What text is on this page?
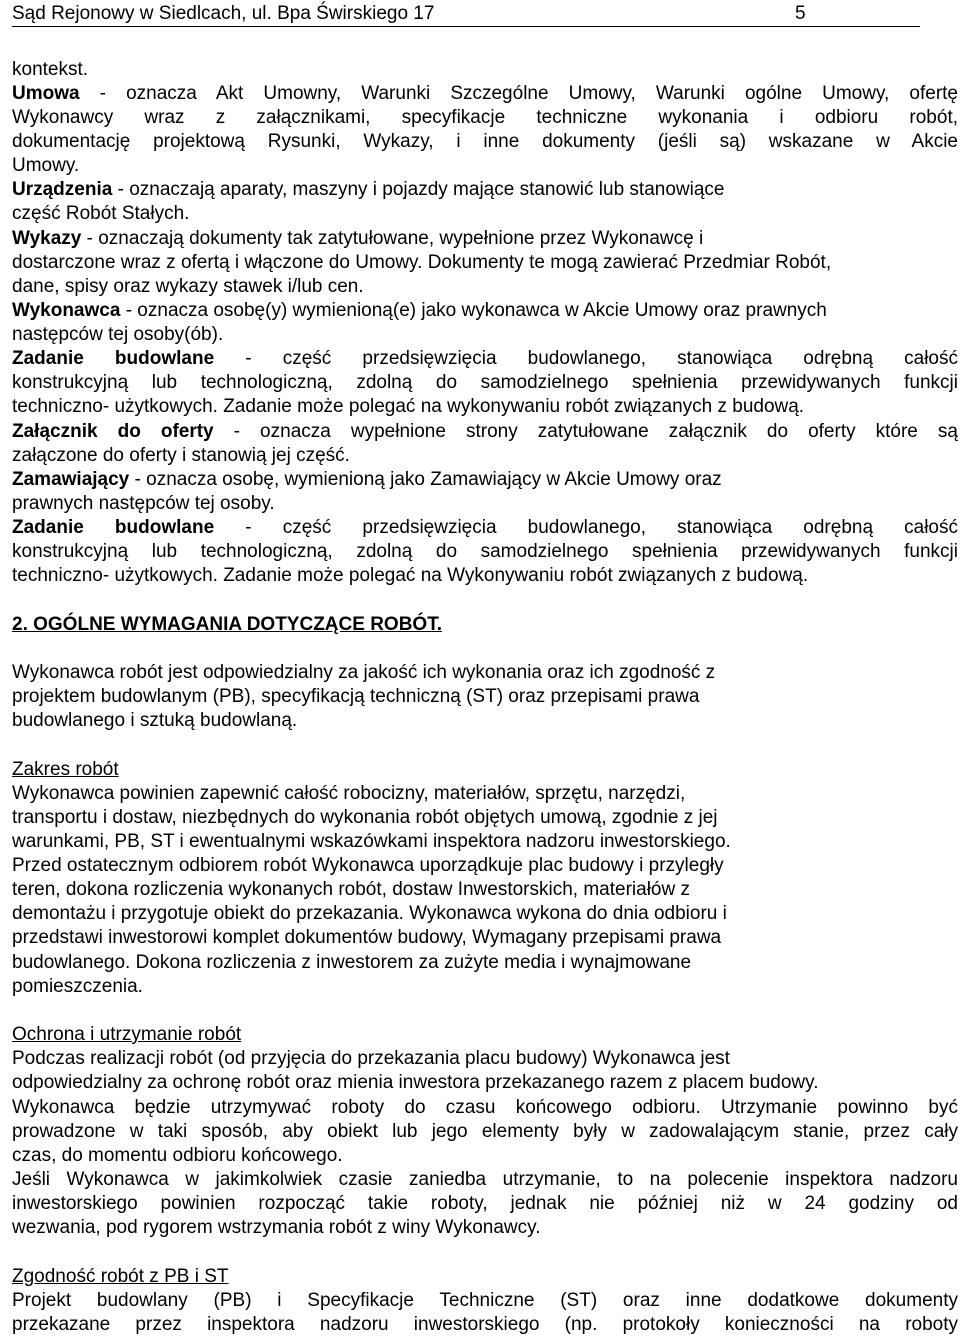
Sąd Rejonowy w Siedlcach, ul. Bpa Świrskiego 17	5
kontekst.
Umowa - oznacza Akt Umowny, Warunki Szczególne Umowy, Warunki ogólne Umowy, ofertę
Wykonawcy wraz z załącznikami, specyfikacje techniczne wykonania i odbioru robót,
dokumentację projektową Rysunki, Wykazy, i inne dokumenty (jeśli są) wskazane w Akcie
Umowy.
Urządzenia - oznaczają aparaty, maszyny i pojazdy mające stanowić lub stanowiące
część Robót Stałych.
Wykazy - oznaczają dokumenty tak zatytułowane, wypełnione przez Wykonawcę i
dostarczone wraz z ofertą i włączone do Umowy. Dokumenty te mogą zawierać Przedmiar Robót,
dane, spisy oraz wykazy stawek i/lub cen.
Wykonawca - oznacza osobę(y) wymienioną(e) jako wykonawca w Akcie Umowy oraz prawnych
następców tej osoby(ób).
Zadanie budowlane - część przedsięwzięcia budowlanego, stanowiąca odrębną całość
konstrukcyjną lub technologiczną, zdolną do samodzielnego spełnienia przewidywanych funkcji
techniczno- użytkowych. Zadanie może polegać na wykonywaniu robót związanych z budową.
Załącznik do oferty - oznacza wypełnione strony zatytułowane załącznik do oferty które są
załączone do oferty i stanowią jej część.
Zamawiający - oznacza osobę, wymienioną jako Zamawiający w Akcie Umowy oraz
prawnych następców tej osoby.
Zadanie budowlane - część przedsięwzięcia budowlanego, stanowiąca odrębną całość
konstrukcyjną lub technologiczną, zdolną do samodzielnego spełnienia przewidywanych funkcji
techniczno- użytkowych. Zadanie może polegać na Wykonywaniu robót związanych z budową.
2. OGÓLNE WYMAGANIA DOTYCZĄCE ROBÓT.
Wykonawca robót jest odpowiedzialny za jakość ich wykonania oraz ich zgodność z
projektem budowlanym (PB), specyfikacją techniczną (ST) oraz przepisami prawa
budowlanego i sztuką budowlaną.
Zakres robót
Wykonawca powinien zapewnić całość robocizny, materiałów, sprzętu, narzędzi,
transportu i dostaw, niezbędnych do wykonania robót objętych umową, zgodnie z jej
warunkami, PB, ST i ewentualnymi wskazówkami inspektora nadzoru inwestorskiego.
Przed ostatecznym odbiorem robót Wykonawca uporządkuje plac budowy i przyległy
teren, dokona rozliczenia wykonanych robót, dostaw Inwestorskich, materiałów z
demontażu i przygotuje obiekt do przekazania. Wykonawca wykona do dnia odbioru i
przedstawi inwestorowi komplet dokumentów budowy, Wymagany przepisami prawa
budowlanego. Dokona rozliczenia z inwestorem za zużyte media i wynajmowane
pomieszczenia.
Ochrona i utrzymanie robót
Podczas realizacji robót (od przyjęcia do przekazania placu budowy) Wykonawca jest
odpowiedzialny za ochronę robót oraz mienia inwestora przekazanego razem z placem budowy.
Wykonawca będzie utrzymywać roboty do czasu końcowego odbioru. Utrzymanie powinno być
prowadzone w taki sposób, aby obiekt lub jego elementy były w zadowalającym stanie, przez cały
czas, do momentu odbioru końcowego.
Jeśli Wykonawca w jakimkolwiek czasie zaniedba utrzymanie, to na polecenie inspektora nadzoru
inwestorskiego powinien rozpocząć takie roboty, jednak nie później niż w 24 godziny od
wezwania, pod rygorem wstrzymania robót z winy Wykonawcy.
Zgodność robót z PB i ST
Projekt budowlany (PB) i Specyfikacje Techniczne (ST) oraz inne dodatkowe dokumenty
przekazane przez inspektora nadzoru inwestorskiego (np. protokoły konieczności na roboty
